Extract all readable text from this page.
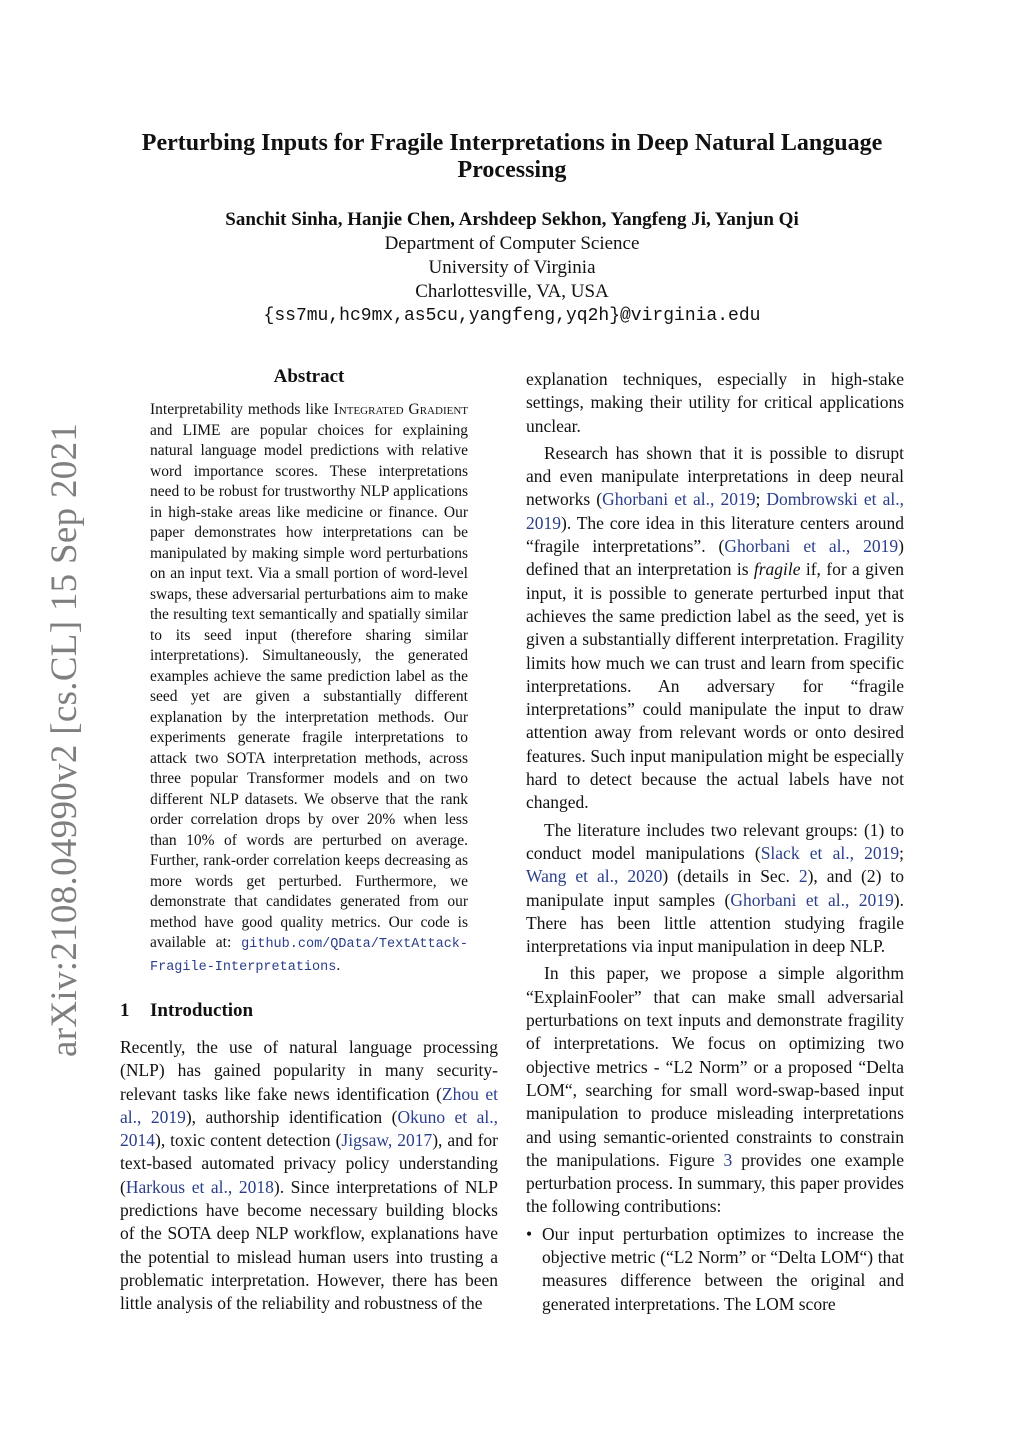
arXiv:2108.04990v2 [cs.CL] 15 Sep 2021
Perturbing Inputs for Fragile Interpretations in Deep Natural Language Processing
Sanchit Sinha, Hanjie Chen, Arshdeep Sekhon, Yangfeng Ji, Yanjun Qi
Department of Computer Science
University of Virginia
Charlottesville, VA, USA
{ss7mu,hc9mx,as5cu,yangfeng,yq2h}@virginia.edu
Abstract
Interpretability methods like Integrated Gradient and LIME are popular choices for explaining natural language model predictions with relative word importance scores. These interpretations need to be robust for trustworthy NLP applications in high-stake areas like medicine or finance. Our paper demonstrates how interpretations can be manipulated by making simple word perturbations on an input text. Via a small portion of word-level swaps, these adversarial perturbations aim to make the resulting text semantically and spatially similar to its seed input (therefore sharing similar interpretations). Simultaneously, the generated examples achieve the same prediction label as the seed yet are given a substantially different explanation by the interpretation methods. Our experiments generate fragile interpretations to attack two SOTA interpretation methods, across three popular Transformer models and on two different NLP datasets. We observe that the rank order correlation drops by over 20% when less than 10% of words are perturbed on average. Further, rank-order correlation keeps decreasing as more words get perturbed. Furthermore, we demonstrate that candidates generated from our method have good quality metrics. Our code is available at: github.com/QData/TextAttack-Fragile-Interpretations.
1 Introduction

Recently, the use of natural language processing (NLP) has gained popularity in many security-relevant tasks like fake news identification (Zhou et al., 2019), authorship identification (Okuno et al., 2014), toxic content detection (Jigsaw, 2017), and for text-based automated privacy policy understanding (Harkous et al., 2018). Since interpretations of NLP predictions have become necessary building blocks of the SOTA deep NLP workflow, explanations have the potential to mislead human users into trusting a problematic interpretation. However, there has been little analysis of the reliability and robustness of the

explanation techniques, especially in high-stake settings, making their utility for critical applications unclear.

Research has shown that it is possible to disrupt and even manipulate interpretations in deep neural networks (Ghorbani et al., 2019; Dombrowski et al., 2019). The core idea in this literature centers around “fragile interpretations”. (Ghorbani et al., 2019) defined that an interpretation is fragile if, for a given input, it is possible to generate perturbed input that achieves the same prediction label as the seed, yet is given a substantially different interpretation. Fragility limits how much we can trust and learn from specific interpretations. An adversary for “fragile interpretations” could manipulate the input to draw attention away from relevant words or onto desired features. Such input manipulation might be especially hard to detect because the actual labels have not changed.

The literature includes two relevant groups: (1) to conduct model manipulations (Slack et al., 2019; Wang et al., 2020) (details in Sec. 2), and (2) to manipulate input samples (Ghorbani et al., 2019). There has been little attention studying fragile interpretations via input manipulation in deep NLP.

In this paper, we propose a simple algorithm “ExplainFooler” that can make small adversarial perturbations on text inputs and demonstrate fragility of interpretations. We focus on optimizing two objective metrics - “L2 Norm” or a proposed “Delta LOM“, searching for small word-swap-based input manipulation to produce misleading interpretations and using semantic-oriented constraints to constrain the manipulations. Figure 3 provides one example perturbation process. In summary, this paper provides the following contributions:

• Our input perturbation optimizes to increase the objective metric (“L2 Norm” or “Delta LOM“) that measures difference between the original and generated interpretations. The LOM score
